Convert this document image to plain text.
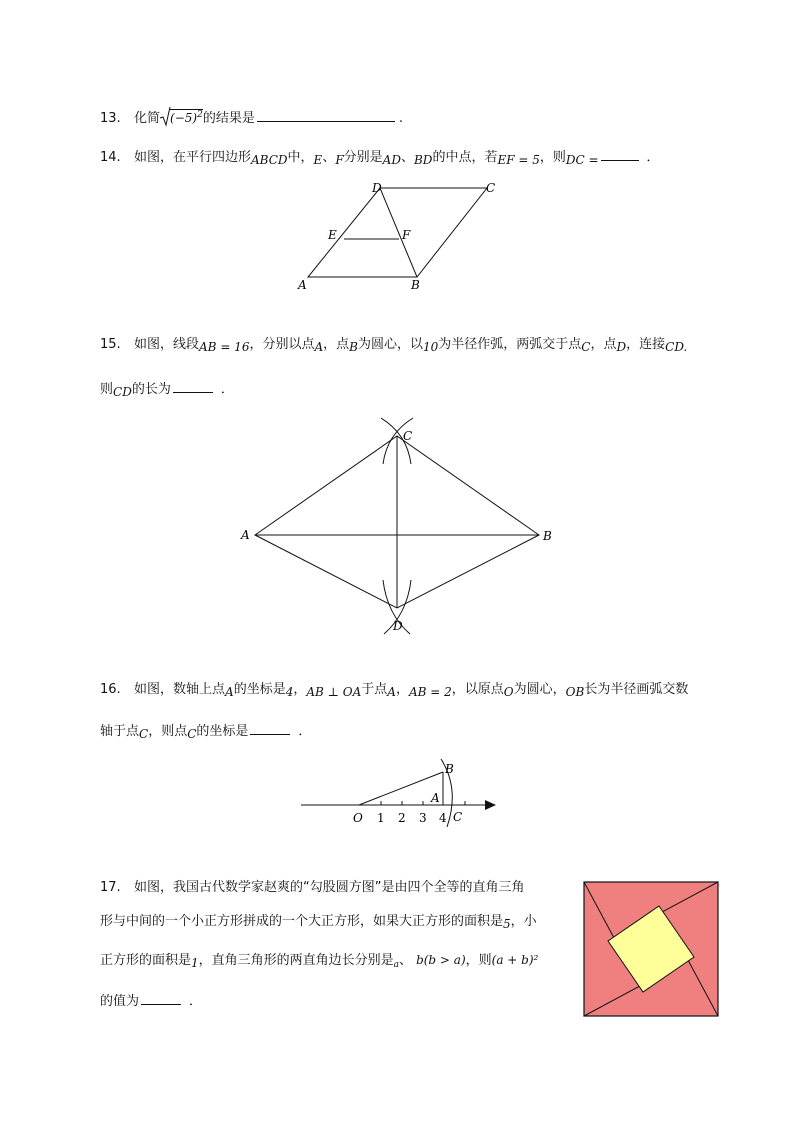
13. 化简 $(-5)^2$的结果是	.
14. 如图，在平行四边形ABCD中，E、F分别是AD、BD的中点，若EF = 5，则DC =	．
D	C
E	F
A	B
15. 如图，线段AB = 16，分别以点A，点B为圆心，以10为半径作弧，两弧交于点C，点D，连接CD.
则CD的长为	．
C
A	B
D
16. 如图，数轴上点A的坐标是4，AB ⊥ OA于点A，AB = 2，以原点O为圆心，OB长为半径画弧交数
轴于点C，则点C的坐标是	．
B
A
O 1 2 3 4 C
17. 如图，我国古代数学家赵爽的“勾股圆方图”是由四个全等的直角三角
形与中间的一个小正方形拼成的一个大正方形，如果大正方形的面积是5，小
正方形的面积是1，直角三角形的两直角边长分别是$_a$、 b(b > a)，则(a + b)²
的值为	．
